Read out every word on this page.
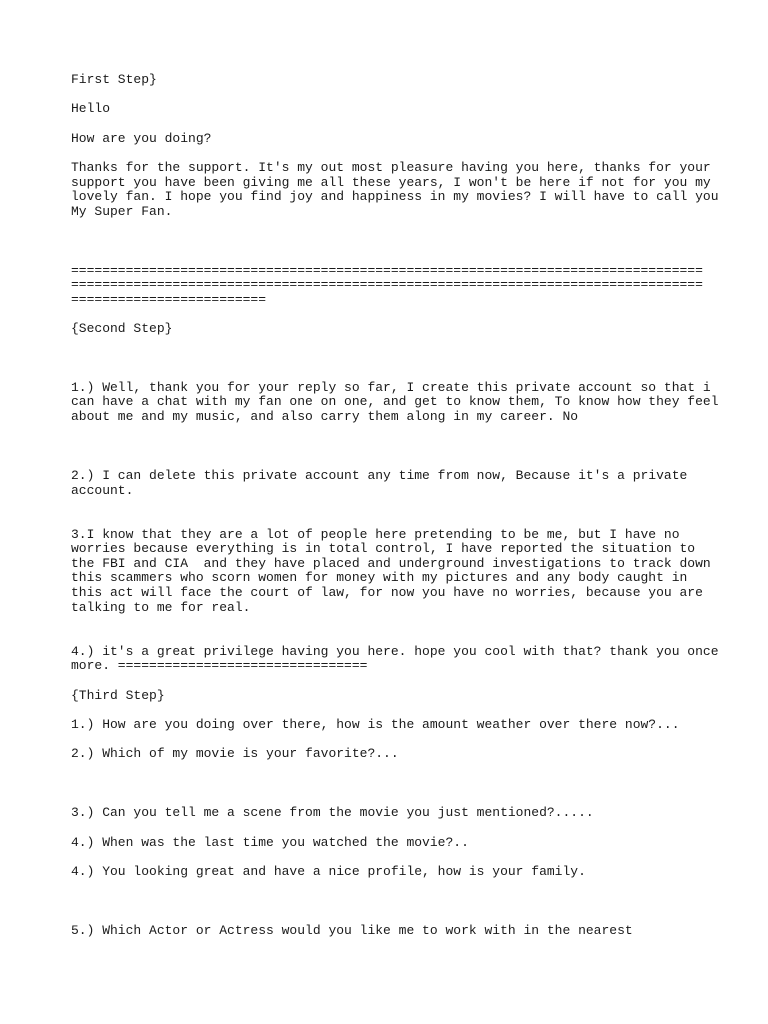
First Step}
Hello
How are you doing?
Thanks for the support. It's my out most pleasure having you here, thanks for your
support you have been giving me all these years, I won't be here if not for you my
lovely fan. I hope you find joy and happiness in my movies? I will have to call you
My Super Fan.
=================================================================================
=================================================================================
=========================
{Second Step}
1.) Well, thank you for your reply so far, I create this private account so that i
can have a chat with my fan one on one, and get to know them, To know how they feel
about me and my music, and also carry them along in my career. No
2.) I can delete this private account any time from now, Because it's a private
account.
3.I know that they are a lot of people here pretending to be me, but I have no
worries because everything is in total control, I have reported the situation to
the FBI and CIA  and they have placed and underground investigations to track down
this scammers who scorn women for money with my pictures and any body caught in
this act will face the court of law, for now you have no worries, because you are
talking to me for real.
4.) it's a great privilege having you here. hope you cool with that? thank you once
more. ================================
{Third Step}
1.) How are you doing over there, how is the amount weather over there now?...
2.) Which of my movie is your favorite?...
3.) Can you tell me a scene from the movie you just mentioned?.....
4.) When was the last time you watched the movie?..
4.) You looking great and have a nice profile, how is your family.
5.) Which Actor or Actress would you like me to work with in the nearest
